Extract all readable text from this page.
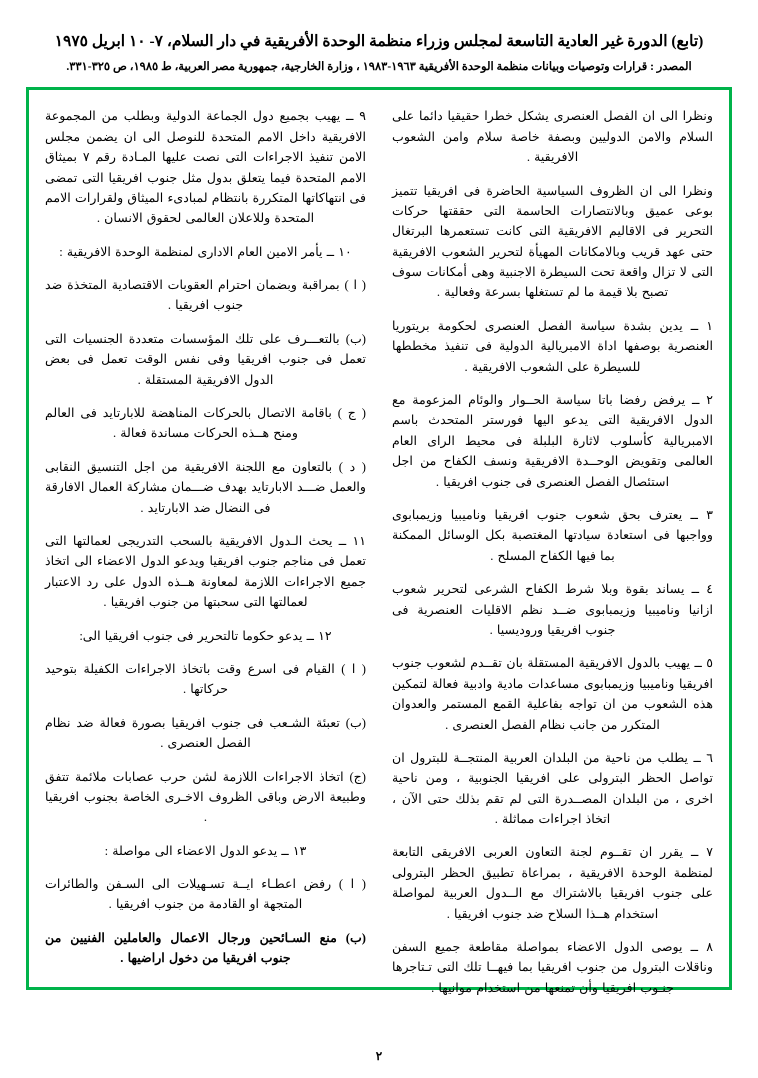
(تابع) الدورة غير العادية التاسعة لمجلس وزراء منظمة الوحدة الأفريقية في دار السلام، ٧- ١٠ ابريل ١٩٧٥
المصدر : قرارات وتوصيات وبيانات منظمة الوحدة الأفريقية ١٩٦٣-١٩٨٣ ، وزارة الخارجية، جمهورية مصر العربية، ط ١٩٨٥، ص ٣٢٥-٣٣١.

ونظرا الى ان الفصل العنصرى يشكل خطرا حقيقيا دائما على السلام والامن الدوليين وبصفة خاصة سلام وامن الشعوب الافريقية .

ونظرا الى ان الظروف السياسية الحاضرة فى افريقيا تتميز بوعى عميق وبالانتصارات الحاسمة التى حققتها حركات التحرير فى الاقاليم الافريقية التى كانت تستعمرها البرتغال حتى عهد قريب وبالامكانات المهيأة لتحرير الشعوب الافريقية التى لا تزال واقعة تحت السيطرة الاجنبية وهى أمكانات سوف تصبح بلا قيمة ما لم تستغلها بسرعة وفعالية .

١ ــ يدين بشدة سياسة الفصل العنصرى لحكومة بريتوريا العنصرية بوصفها اداة الامبريالية الدولية فى تنفيذ مخططها للسيطرة على الشعوب الافريقية .

٢ ــ يرفض رفضا باتا سياسة الحــوار والوئام المزعومة مع الدول الافريقية التى يدعو اليها فورستر المتحدث باسم الامبريالية كأسلوب لاثارة البلبلة فى محيط الراى العام العالمى وتقويض الوحــدة الافريقية ونسف الكفاح من اجل استئصال الفصل العنصرى فى جنوب افريقيا .

٣ ــ يعترف بحق شعوب جنوب افريقيا وناميبيا وزيمبابوى وواجبها فى استعادة سيادتها المغتصبة بكل الوسائل الممكنة بما فيها الكفاح المسلح .

٤ ــ يساند بقوة وبلا شرط الكفاح الشرعى لتحرير شعوب ازانيا وناميبيا وزيمبابوى ضــد نظم الاقليات العنصرية فى جنوب افريقيا وروديسيا .

٥ ــ يهيب بالدول الافريقية المستقلة بان تقــدم لشعوب جنوب افريقيا وناميبيا وزيمبابوى مساعدات مادية وادبية فعالة لتمكين هذه الشعوب من ان تواجه بفاعلية القمع المستمر والعدوان المتكرر من جانب نظام الفصل العنصرى .

٦ ــ يطلب من ناحية من البلدان العربية المنتجــة للبترول ان تواصل الحظر البترولى على افريقيا الجنوبية ، ومن ناحية اخرى ، من البلدان المصــدرة التى لم تقم بذلك حتى الآن ، اتخاذ اجراءات مماثلة .

٧ ــ يقرر ان تقــوم لجنة التعاون العربى الافريقى التابعة لمنظمة الوحدة الافريقية ، بمراعاة تطبيق الحظر البترولى على جنوب افريقيا بالاشتراك مع الــدول العربية لمواصلة استخدام هــذا السلاح ضد جنوب افريقيا .

٨ ــ يوصى الدول الاعضاء بمواصلة مقاطعة جميع السفن وناقلات البترول من جنوب افريقيا بما فيهــا تلك التى تـتاجرها جنـوب افريقيا وأن تمنعها من استخدام موانيها .

٩ ــ يهيب بجميع دول الجماعة الدولية وبطلب من المجموعة الافريقية داخل الامم المتحدة للنوصل الى ان يضمن مجلس الامن تنفيذ الاجراءات التى نصت عليها المـادة رقم ٧ بميثاق الامم المتحدة فيما يتعلق بدول مثل جنوب افريقيا التى تمضى فى انتهاكاتها المتكررة بانتظام لمبادىء الميثاق ولقرارات الامم المتحدة وللاعلان العالمى لحقوق الانسان .

١٠ ــ يأمر الامين العام الادارى لمنظمة الوحدة الافريقية :

( ا ) بمراقبة وبضمان احترام العقوبات الاقتصادية المتخذة ضد جنوب افريقيا .

(ب) بالتعـــرف على تلك المؤسسات متعددة الجنسيات التى تعمل فى جنوب افريقيا وفى نفس الوقت تعمل فى بعض الدول الافريقية المستقلة .

( ج ) باقامة الاتصال بالحركات المناهضة للابارتايد فى العالم ومنح هــذه الحركات مساندة فعالة .

( د ) بالتعاون مع اللجنة الافريقية من اجل التنسيق النقابى والعمل ضـــد الابارتايد بهدف ضـــمان مشاركة العمال الافارقة فى النضال ضد الابارتايد .

١١ ــ يحث الـدول الافريقية بالسحب التدريجى لعمالتها التى تعمل فى مناجم جنوب افريقيا ويدعو الدول الاعضاء الى اتخاذ جميع الاجراءات اللازمة لمعاونة هــذه الدول على رد الاعتبار لعمالتها التى سحبتها من جنوب افريقيا .

١٢ ــ يدعو حكوما تالتحرير فى جنوب افريقيا الى:

( ا ) القيام فى اسرع وقت باتخاذ الاجراءات الكفيلة بتوحيد حركاتها .

(ب) تعبئة الشـعب فى جنوب افريقيا بصورة فعالة ضد نظام الفصل العنصرى .

(ج) اتخاذ الاجراءات اللازمة لشن حرب عصابات ملائمة تتفق وطبيعة الارض وباقى الظروف الاخـرى الخاصة بجنوب افريقيا .

١٣ ــ يدعو الدول الاعضاء الى مواصلة :

( ا ) رفض اعطـاء ايــة تسـهيلات الى السـفن والطائرات المتجهة او القادمة من جنوب افريقيا .

(ب) منع السـائحين ورجال الاعمال والعاملين الفنيين من جنوب افريقيا من دخول اراضيها .

٢
